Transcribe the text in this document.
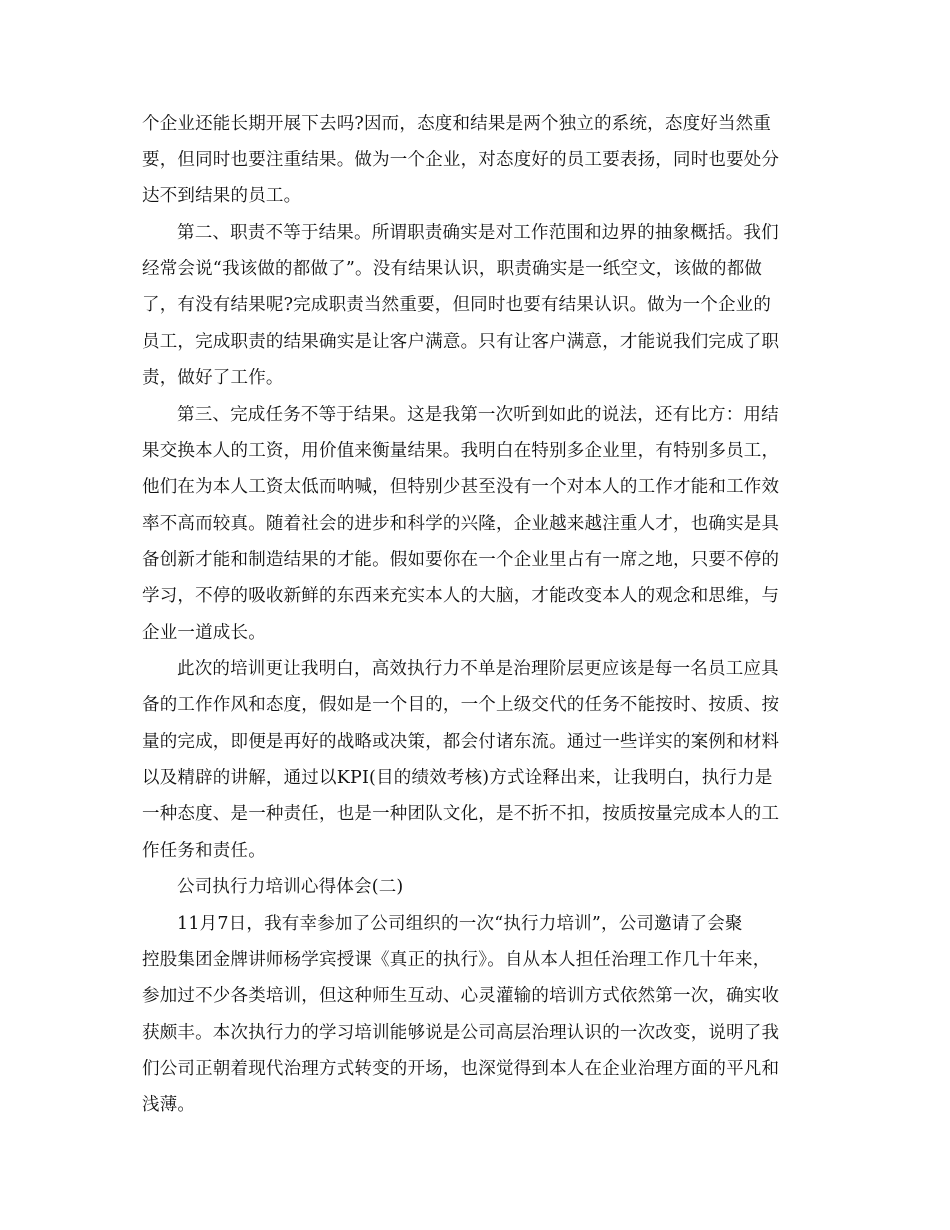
个企业还能长期开展下去吗?因而，态度和结果是两个独立的系统，态度好当然重
要，但同时也要注重结果。做为一个企业，对态度好的员工要表扬，同时也要处分
达不到结果的员工。
第二、职责不等于结果。所谓职责确实是对工作范围和边界的抽象概括。我们
经常会说“我该做的都做了”。没有结果认识，职责确实是一纸空文，该做的都做
了，有没有结果呢?完成职责当然重要，但同时也要有结果认识。做为一个企业的
员工，完成职责的结果确实是让客户满意。只有让客户满意，才能说我们完成了职
责，做好了工作。
第三、完成任务不等于结果。这是我第一次听到如此的说法，还有比方：用结
果交换本人的工资，用价值来衡量结果。我明白在特别多企业里，有特别多员工，
他们在为本人工资太低而呐喊，但特别少甚至没有一个对本人的工作才能和工作效
率不高而较真。随着社会的进步和科学的兴隆，企业越来越注重人才，也确实是具
备创新才能和制造结果的才能。假如要你在一个企业里占有一席之地，只要不停的
学习，不停的吸收新鲜的东西来充实本人的大脑，才能改变本人的观念和思维，与
企业一道成长。
此次的培训更让我明白，高效执行力不单是治理阶层更应该是每一名员工应具
备的工作作风和态度，假如是一个目的，一个上级交代的任务不能按时、按质、按
量的完成，即便是再好的战略或决策，都会付诸东流。通过一些详实的案例和材料
以及精辟的讲解，通过以KPI(目的绩效考核)方式诠释出来，让我明白，执行力是
一种态度、是一种责任，也是一种团队文化，是不折不扣，按质按量完成本人的工
作任务和责任。
公司执行力培训心得体会(二)
11月7日，我有幸参加了公司组织的一次“执行力培训”，公司邀请了会聚
控股集团金牌讲师杨学宾授课《真正的执行》。自从本人担任治理工作几十年来，
参加过不少各类培训，但这种师生互动、心灵灌输的培训方式依然第一次，确实收
获颇丰。本次执行力的学习培训能够说是公司高层治理认识的一次改变，说明了我
们公司正朝着现代治理方式转变的开场，也深觉得到本人在企业治理方面的平凡和
浅薄。
